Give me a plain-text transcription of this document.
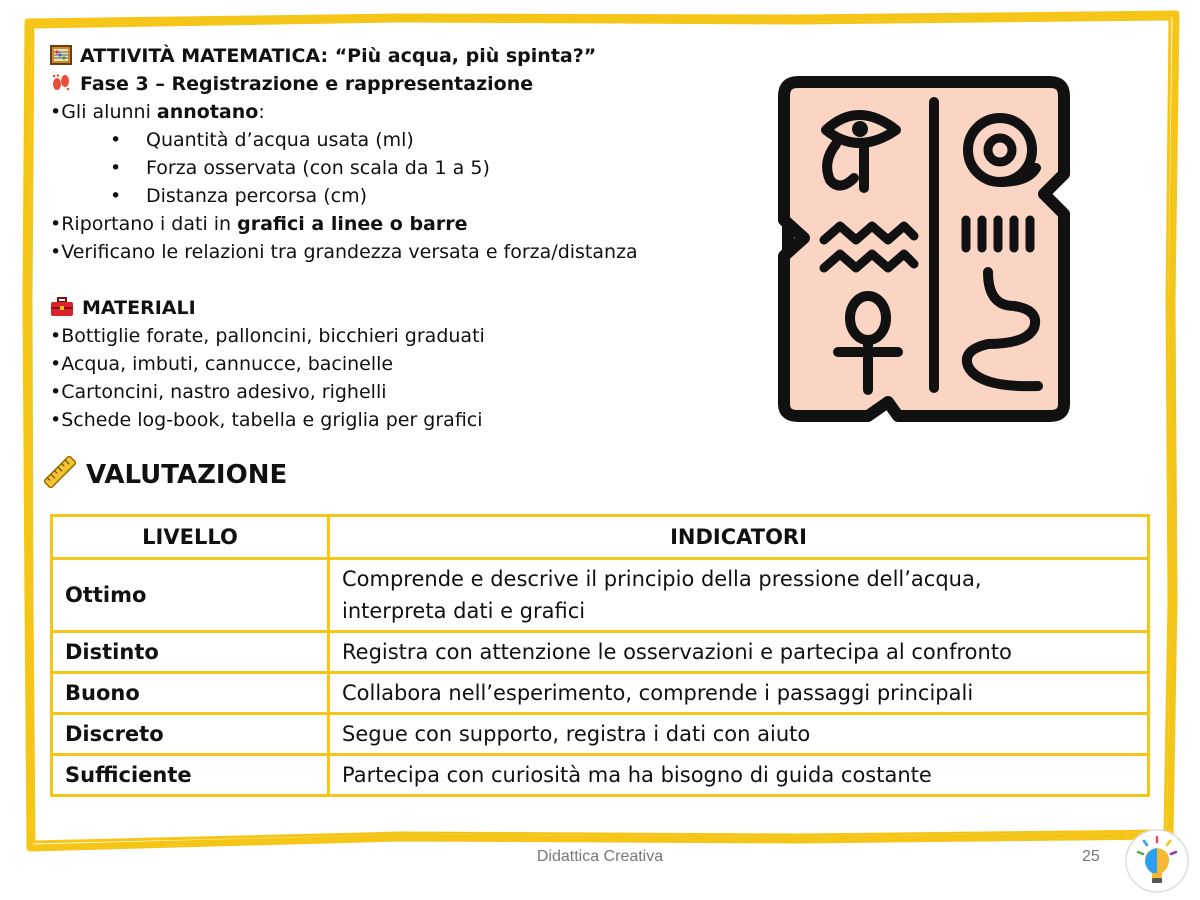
ATTIVITÀ MATEMATICA: “Più acqua, più spinta?”
Fase 3 – Registrazione e rappresentazione
•Gli alunni annotano:
• Quantità d’acqua usata (ml)
• Forza osservata (con scala da 1 a 5)
• Distanza percorsa (cm)
•Riportano i dati in grafici a linee o barre
•Verificano le relazioni tra grandezza versata e forza/distanza
MATERIALI
•Bottiglie forate, palloncini, bicchieri graduati
•Acqua, imbuti, cannucce, bacinelle
•Cartoncini, nastro adesivo, righelli
•Schede log-book, tabella e griglia per grafici
VALUTAZIONE
LIVELLO	INDICATORI
Ottimo	Comprende e descrive il principio della pressione dell’acqua,
interpreta dati e grafici

Distinto	Registra con attenzione le osservazioni e partecipa al confronto
Buono	Collabora nell’esperimento, comprende i passaggi principali
Discreto	Segue con supporto, registra i dati con aiuto
Sufficiente	Partecipa con curiosità ma ha bisogno di guida costante
Didattica Creativa	25
